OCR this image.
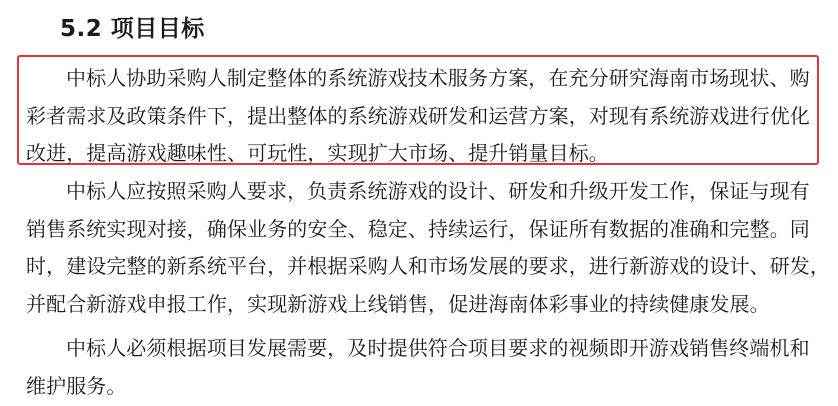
5.2 项目目标
中标人协助采购人制定整体的系统游戏技术服务方案，在充分研究海南市场现状、购
彩者需求及政策条件下，提出整体的系统游戏研发和运营方案，对现有系统游戏进行优化
改进，提高游戏趣味性、可玩性，实现扩大市场、提升销量目标。
中标人应按照采购人要求，负责系统游戏的设计、研发和升级开发工作，保证与现有
销售系统实现对接，确保业务的安全、稳定、持续运行，保证所有数据的准确和完整。同
时，建设完整的新系统平台，并根据采购人和市场发展的要求，进行新游戏的设计、研发，
并配合新游戏申报工作，实现新游戏上线销售，促进海南体彩事业的持续健康发展。
中标人必须根据项目发展需要，及时提供符合项目要求的视频即开游戏销售终端机和
维护服务。
